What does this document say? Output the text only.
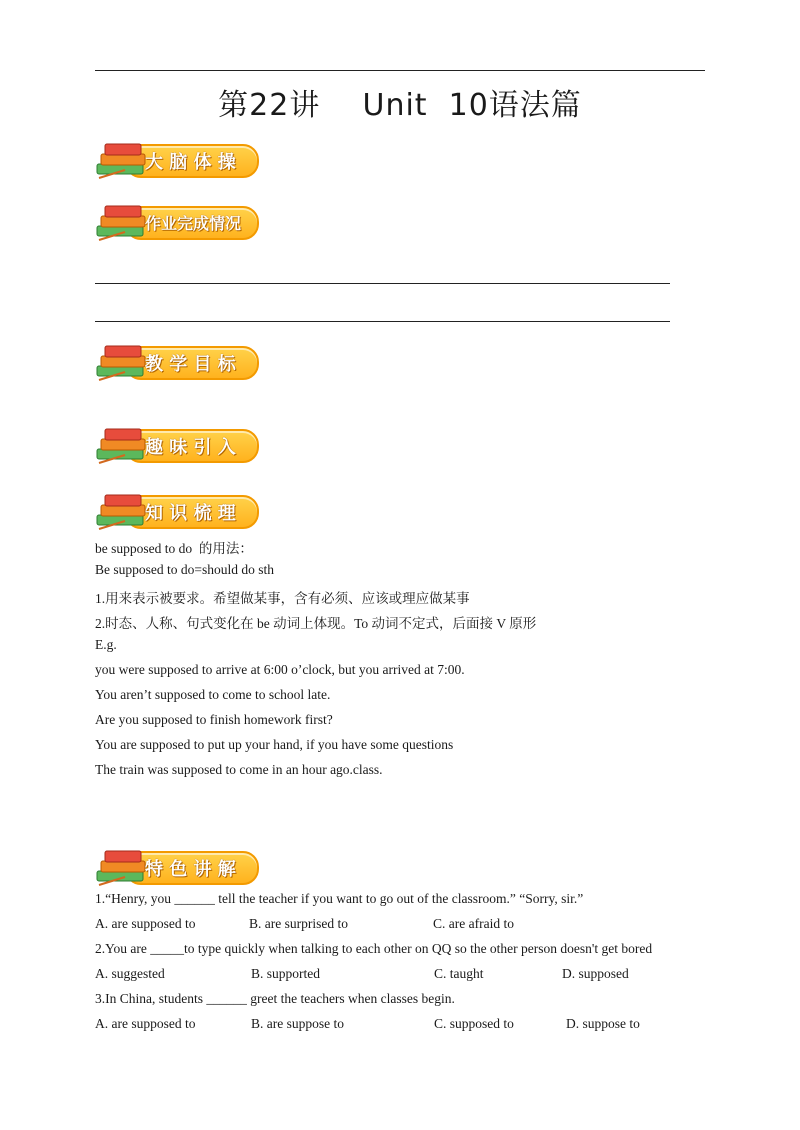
第22讲    Unit  10语法篇
大 脑 体 操
作业完成情况
教 学 目 标
趣 味 引 入
知 识 梳 理
be supposed to do  的用法：
Be supposed to do=should do sth
1.用来表示被要求。希望做某事，含有必须、应该或理应做某事
2.时态、人称、句式变化在 be 动词上体现。To 动词不定式，后面接 V 原形
E.g.
you were supposed to arrive at 6:00 o’clock, but you arrived at 7:00.
You aren’t supposed to come to school late.
Are you supposed to finish homework first?
You are supposed to put up your hand, if you have some questions
The train was supposed to come in an hour ago.class.
特 色 讲 解
1.“Henry, you ______ tell the teacher if you want to go out of the classroom.” “Sorry, sir.”
A. are supposed to	B. are surprised to	C. are afraid to
2.You are _____to type quickly when talking to each other on QQ so the other person doesn't get bored
A. suggested	B. supported	C. taught	D. supposed
3.In China, students ______ greet the teachers when classes begin.
A. are supposed to	B. are suppose to	C. supposed to	D. suppose to
